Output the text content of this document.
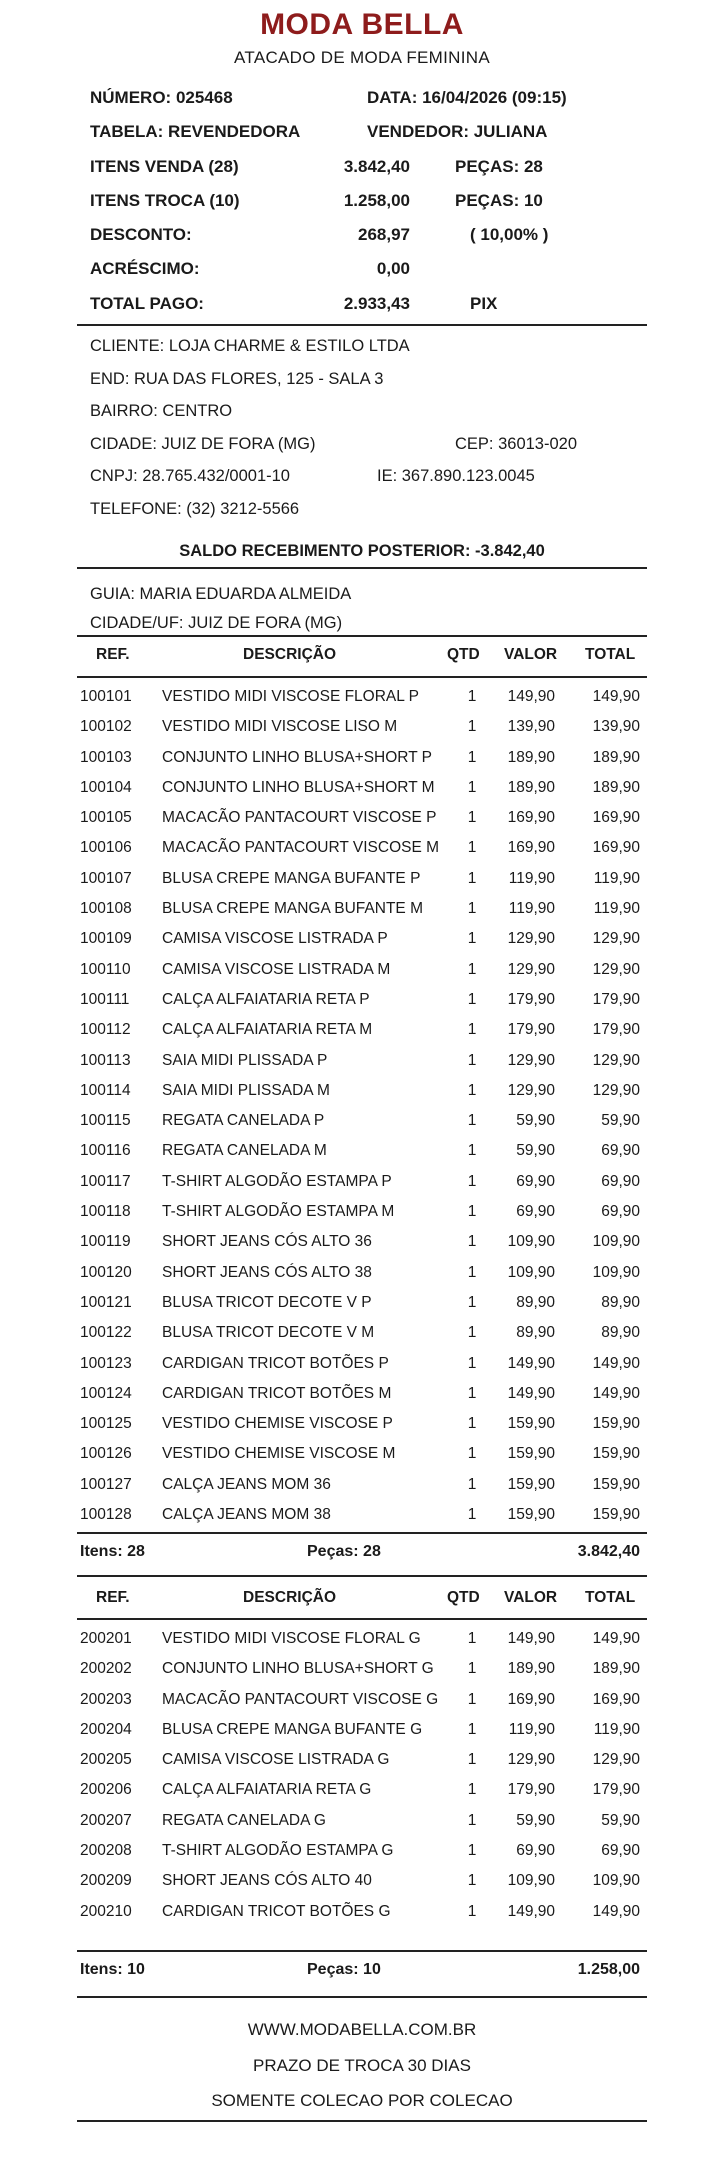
MODA BELLA
ATACADO DE MODA FEMININA
NÚMERO: 025468	DATA: 16/04/2026 (09:15)
TABELA: REVENDEDORA	VENDEDOR: JULIANA
ITENS VENDA (28)	3.842,40	PEÇAS: 28
ITENS TROCA (10)	1.258,00	PEÇAS: 10
DESCONTO:	268,97	( 10,00% )
ACRÉSCIMO:	0,00
TOTAL PAGO:	2.933,43	PIX
CLIENTE: LOJA CHARME & ESTILO LTDA
END: RUA DAS FLORES, 125 - SALA 3
BAIRRO: CENTRO
CIDADE: JUIZ DE FORA (MG)	CEP: 36013-020
CNPJ: 28.765.432/0001-10	IE: 367.890.123.0045
TELEFONE: (32) 3212-5566
SALDO RECEBIMENTO POSTERIOR: -3.842,40
GUIA: MARIA EDUARDA ALMEIDA
CIDADE/UF: JUIZ DE FORA (MG)
REF.	DESCRIÇÃO	QTD VALOR TOTAL
100101 VESTIDO MIDI VISCOSE FLORAL P	1	149,90 149,90
100102 VESTIDO MIDI VISCOSE LISO M	1	139,90 139,90
100103 CONJUNTO LINHO BLUSA+SHORT P	1	189,90 189,90
100104 CONJUNTO LINHO BLUSA+SHORT M	1	189,90 189,90
100105 MACACÃO PANTACOURT VISCOSE P	1	169,90 169,90
100106 MACACÃO PANTACOURT VISCOSE M	1	169,90 169,90
100107 BLUSA CREPE MANGA BUFANTE P	1	119,90 119,90
100108 BLUSA CREPE MANGA BUFANTE M	1	119,90 119,90
100109 CAMISA VISCOSE LISTRADA P	1	129,90 129,90
100110 CAMISA VISCOSE LISTRADA M	1	129,90 129,90
100111 CALÇA ALFAIATARIA RETA P	1	179,90 179,90
100112 CALÇA ALFAIATARIA RETA M	1	179,90 179,90
100113 SAIA MIDI PLISSADA P	1	129,90 129,90
100114 SAIA MIDI PLISSADA M	1	129,90 129,90
100115 REGATA CANELADA P	1	59,90	59,90
100116 REGATA CANELADA M	1	59,90	69,90
100117 T-SHIRT ALGODÃO ESTAMPA P	1	69,90	69,90
100118 T-SHIRT ALGODÃO ESTAMPA M	1	69,90	69,90
100119 SHORT JEANS CÓS ALTO 36	1	109,90 109,90
100120 SHORT JEANS CÓS ALTO 38	1	109,90 109,90
100121 BLUSA TRICOT DECOTE V P	1	89,90	89,90
100122 BLUSA TRICOT DECOTE V M	1	89,90	89,90
100123 CARDIGAN TRICOT BOTÕES P	1	149,90 149,90
100124 CARDIGAN TRICOT BOTÕES M	1	149,90 149,90
100125 VESTIDO CHEMISE VISCOSE P	1	159,90 159,90
100126 VESTIDO CHEMISE VISCOSE M	1	159,90 159,90
100127 CALÇA JEANS MOM 36	1	159,90 159,90
100128 CALÇA JEANS MOM 38	1	159,90 159,90
Itens: 28	Peças: 28	3.842,40
REF.	DESCRIÇÃO	QTD VALOR TOTAL
200201 VESTIDO MIDI VISCOSE FLORAL G	1	149,90 149,90
200202 CONJUNTO LINHO BLUSA+SHORT G	1	189,90 189,90
200203 MACACÃO PANTACOURT VISCOSE G	1	169,90 169,90
200204 BLUSA CREPE MANGA BUFANTE G	1	119,90 119,90
200205 CAMISA VISCOSE LISTRADA G	1	129,90 129,90
200206 CALÇA ALFAIATARIA RETA G	1	179,90 179,90
200207 REGATA CANELADA G	1	59,90	59,90
200208 T-SHIRT ALGODÃO ESTAMPA G	1	69,90	69,90
200209 SHORT JEANS CÓS ALTO 40	1	109,90 109,90
200210 CARDIGAN TRICOT BOTÕES G	1	149,90 149,90
Itens: 10	Peças: 10	1.258,00
WWW.MODABELLA.COM.BR
PRAZO DE TROCA 30 DIAS
SOMENTE COLECAO POR COLECAO
